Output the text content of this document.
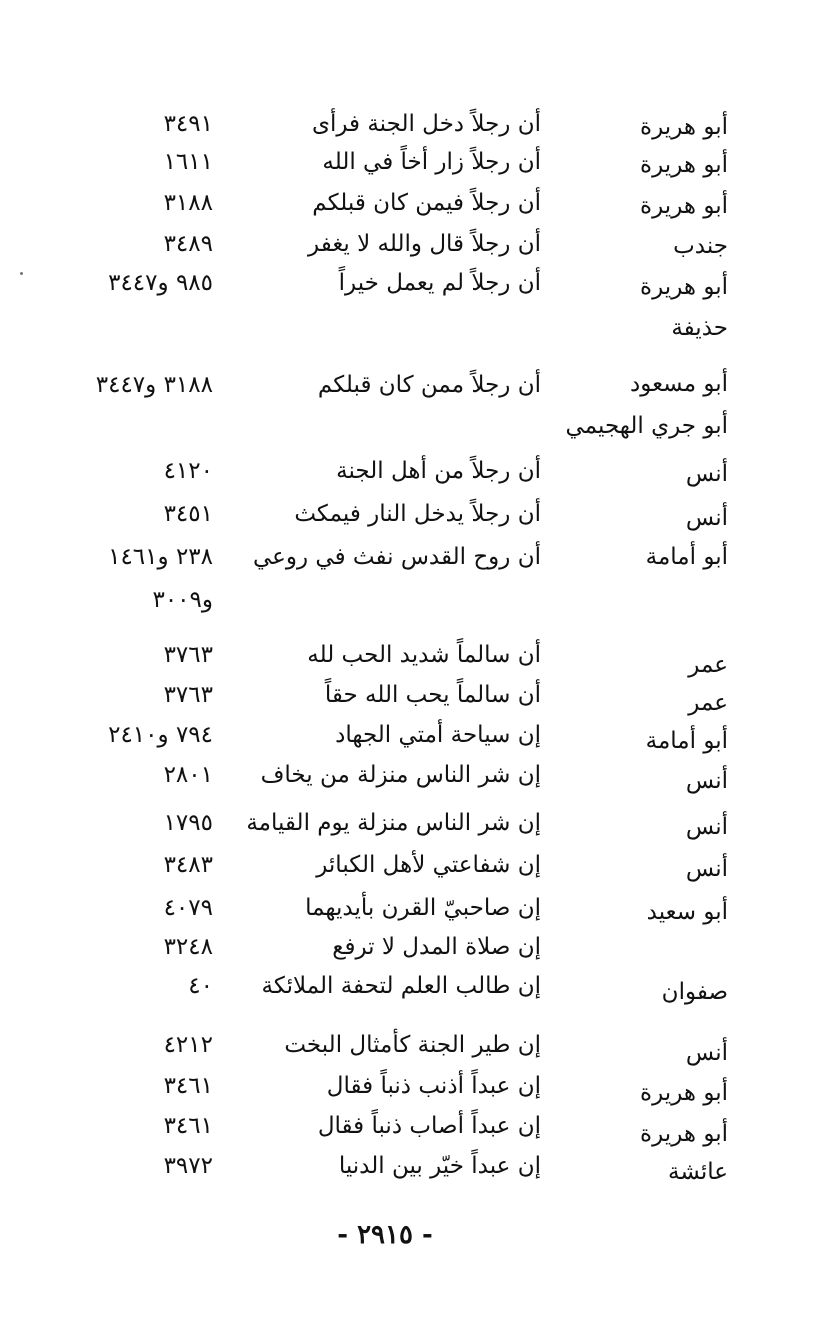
أبو هريرة
أن رجلاً دخل الجنة فرأى
٣٤٩١
أبو هريرة
أن رجلاً زار أخاً في الله
١٦١١
أبو هريرة
أن رجلاً فيمن كان قبلكم
٣١٨٨
جندب
أن رجلاً قال والله لا يغفر
٣٤٨٩
أبو هريرة
أن رجلاً لم يعمل خيراً
٩٨٥ و٣٤٤٧
حذيفة
أبو مسعود
أن رجلاً ممن كان قبلكم
٣١٨٨ و٣٤٤٧
أبو جري الهجيمي
أنس
أن رجلاً من أهل الجنة
٤١٢٠
أنس
أن رجلاً يدخل النار فيمكث
٣٤٥١
أبو أمامة
أن روح القدس نفث في روعي
٢٣٨ و١٤٦١
و٣٠٠٩
عمر
أن سالماً شديد الحب لله
٣٧٦٣
عمر
أن سالماً يحب الله حقاً
٣٧٦٣
أبو أمامة
إن سياحة أمتي الجهاد
٧٩٤ و٢٤١٠
أنس
إن شر الناس منزلة من يخاف
٢٨٠١
أنس
إن شر الناس منزلة يوم القيامة
١٧٩٥
أنس
إن شفاعتي لأهل الكبائر
٣٤٨٣
أبو سعيد
إن صاحبيّ القرن بأيديهما
٤٠٧٩
إن صلاة المدل لا ترفع
٣٢٤٨
صفوان
إن طالب العلم لتحفة الملائكة
٤٠
أنس
إن طير الجنة كأمثال البخت
٤٢١٢
أبو هريرة
إن عبداً أذنب ذنباً فقال
٣٤٦١
أبو هريرة
إن عبداً أصاب ذنباً فقال
٣٤٦١
عائشة
إن عبداً خيّر بين الدنيا
٣٩٧٢
- ٢٩١٥ -
